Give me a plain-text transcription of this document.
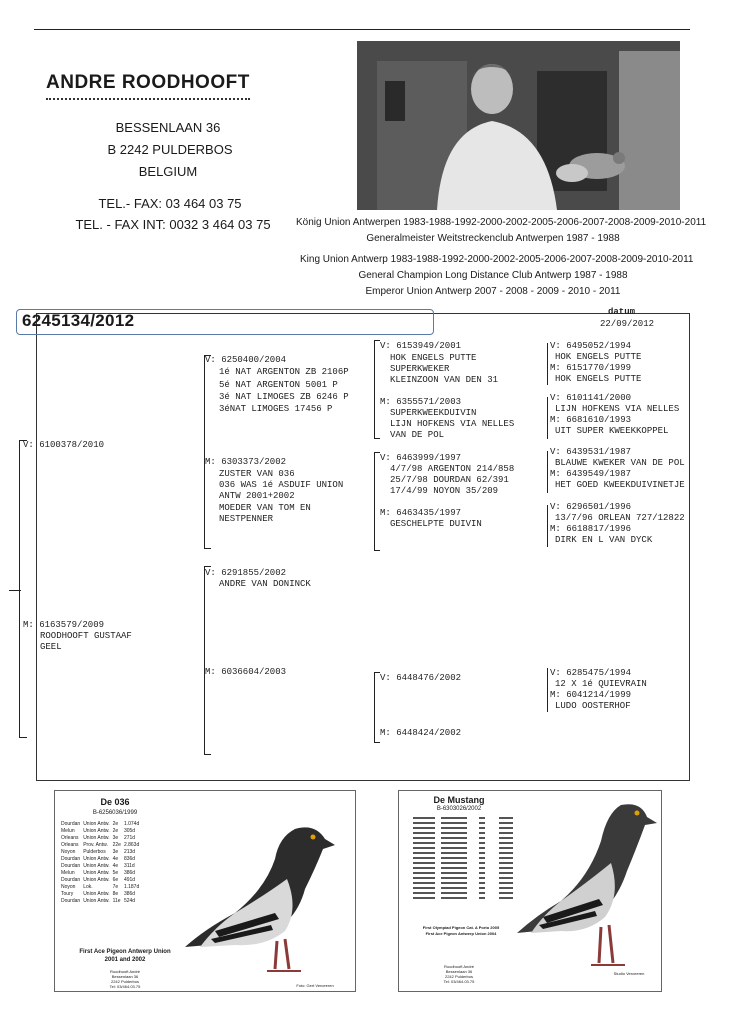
ANDRE ROODHOOFT
BESSENLAAN 36
B 2242 PULDERBOS
BELGIUM
TEL.- FAX: 03 464 03 75
TEL. - FAX INT: 0032 3 464 03 75	König Union Antwerpen 1983-1988-1992-2000-2002-2005-2006-2007-2008-2009-2010-2011
Generalmeister Weitstreckenclub Antwerpen 1987 - 1988
King Union Antwerp 1983-1988-1992-2000-2002-2005-2006-2007-2008-2009-2010-2011
General Champion Long Distance Club Antwerp 1987 - 1988
Emperor Union Antwerp 2007 - 2008 - 2009 - 2010 - 2011
6245134/2012	datum
22/09/2012
V: 6100378/2010
M: 6163579/2009
ROODHOOFT GUSTAAF
GEEL
V: 6250400/2004
1é NAT ARGENTON ZB 2106P
5é NAT ARGENTON 5001 P
3é NAT LIMOGES ZB 6246 P
3éNAT LIMOGES 17456 P
M: 6303373/2002
ZUSTER VAN 036
036 WAS 1é ASDUIF UNION
ANTW 2001+2002
MOEDER VAN TOM EN
NESTPENNER
V: 6291855/2002
ANDRE VAN DONINCK
M: 6036604/2003
V: 6153949/2001
HOK ENGELS PUTTE
SUPERKWEKER
KLEINZOON VAN DEN 31
M: 6355571/2003
SUPERKWEEKDUIVIN
LIJN HOFKENS VIA NELLES
VAN DE POL
V: 6463999/1997
4/7/98 ARGENTON 214/858
25/7/98 DOURDAN 62/391
17/4/99 NOYON 35/209
M: 6463435/1997
GESCHELPTE DUIVIN
V: 6448476/2002
M: 6448424/2002
V: 6495052/1994
HOK ENGELS PUTTE
M: 6151770/1999
HOK ENGELS PUTTE
V: 6101141/2000
LIJN HOFKENS VIA NELLES
M: 6681610/1993
UIT SUPER KWEEKKOPPEL
V: 6439531/1987
BLAUWE KWEKER VAN DE POL
M: 6439549/1987
HET GOED KWEEKDUIVINETJE
V: 6296501/1996
13/7/96 ORLEAN 727/12822
M: 6618817/1996
DIRK EN L VAN DYCK
V: 6285475/1994
12 X 1é QUIEVRAIN
M: 6041214/1999
LUDO OOSTERHOF
De 036
B-6256036/1999
Dourdan	Union Antw.	2e	1.074d
Melun	Union Antw.	2e	305d
Orleans	Union Antw.	3e	271d
Orleans	Prov. Antw.	22e	2.863d
Noyon	Pulderbos	3e	213d
Dourdan	Union Antw.	4e	836d
Dourdan	Union Antw.	4e	311d
Melun	Union Antw.	5e	386d
Dourdan	Union Antw.	6e	491d
Noyon	Lok.	7e	1.187d
Toury	Union Antw.	8e	386d
Dourdan	Union Antw.	11e	524d
First Ace Pigeon Antwerp Union
2001 and 2002
Roodhooft André
Bessenlaan 36
2242 Pulderbos
Tel: 03/464.03.75	Foto: Gert Verceeren
De Mustang
B-6303026/2002
First Olympiad Pigeon Cat. A Porto 2005
First Ace Pigeon Antwerp Union 2004
Roodhooft André
Bessenlaan 36
2242 Pulderbos
Tel: 03/464.03.75
Studio Verceeren
